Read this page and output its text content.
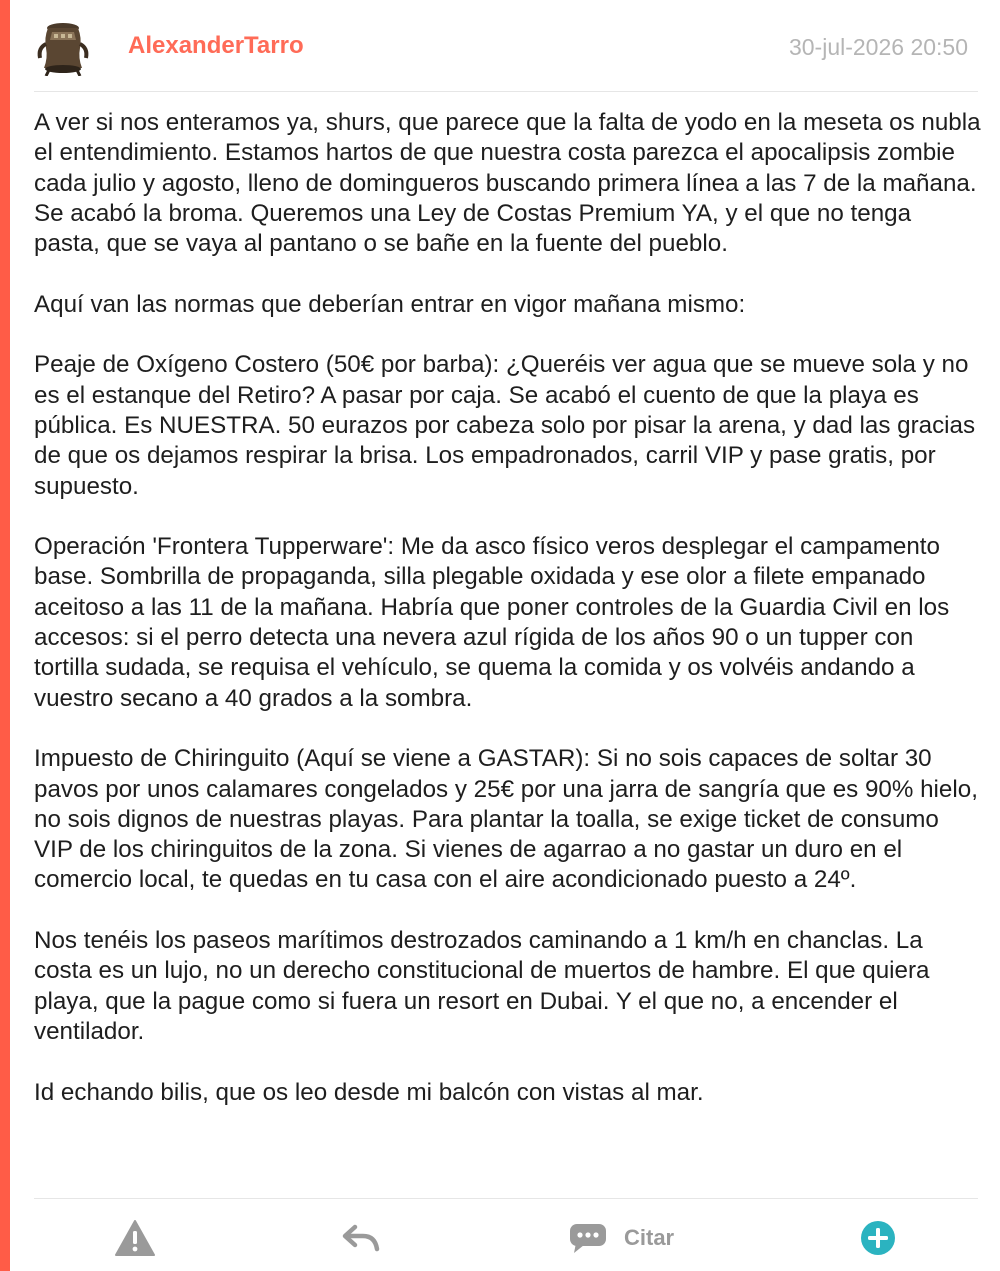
AlexanderTarro	30-jul-2026 20:50

A ver si nos enteramos ya, shurs, que parece que la falta de yodo en la meseta os nubla el entendimiento. Estamos hartos de que nuestra costa parezca el apocalipsis zombie cada julio y agosto, lleno de domingueros buscando primera línea a las 7 de la mañana. Se acabó la broma. Queremos una Ley de Costas Premium YA, y el que no tenga pasta, que se vaya al pantano o se bañe en la fuente del pueblo.

Aquí van las normas que deberían entrar en vigor mañana mismo:

Peaje de Oxígeno Costero (50€ por barba): ¿Queréis ver agua que se mueve sola y no es el estanque del Retiro? A pasar por caja. Se acabó el cuento de que la playa es pública. Es NUESTRA. 50 eurazos por cabeza solo por pisar la arena, y dad las gracias de que os dejamos respirar la brisa. Los empadronados, carril VIP y pase gratis, por supuesto.

Operación 'Frontera Tupperware': Me da asco físico veros desplegar el campamento base. Sombrilla de propaganda, silla plegable oxidada y ese olor a filete empanado aceitoso a las 11 de la mañana. Habría que poner controles de la Guardia Civil en los accesos: si el perro detecta una nevera azul rígida de los años 90 o un tupper con tortilla sudada, se requisa el vehículo, se quema la comida y os volvéis andando a vuestro secano a 40 grados a la sombra.

Impuesto de Chiringuito (Aquí se viene a GASTAR): Si no sois capaces de soltar 30 pavos por unos calamares congelados y 25€ por una jarra de sangría que es 90% hielo, no sois dignos de nuestras playas. Para plantar la toalla, se exige ticket de consumo VIP de los chiringuitos de la zona. Si vienes de agarrao a no gastar un duro en el comercio local, te quedas en tu casa con el aire acondicionado puesto a 24º.

Nos tenéis los paseos marítimos destrozados caminando a 1 km/h en chanclas. La costa es un lujo, no un derecho constitucional de muertos de hambre. El que quiera playa, que la pague como si fuera un resort en Dubai. Y el que no, a encender el ventilador.

Id echando bilis, que os leo desde mi balcón con vistas al mar.

Citar
